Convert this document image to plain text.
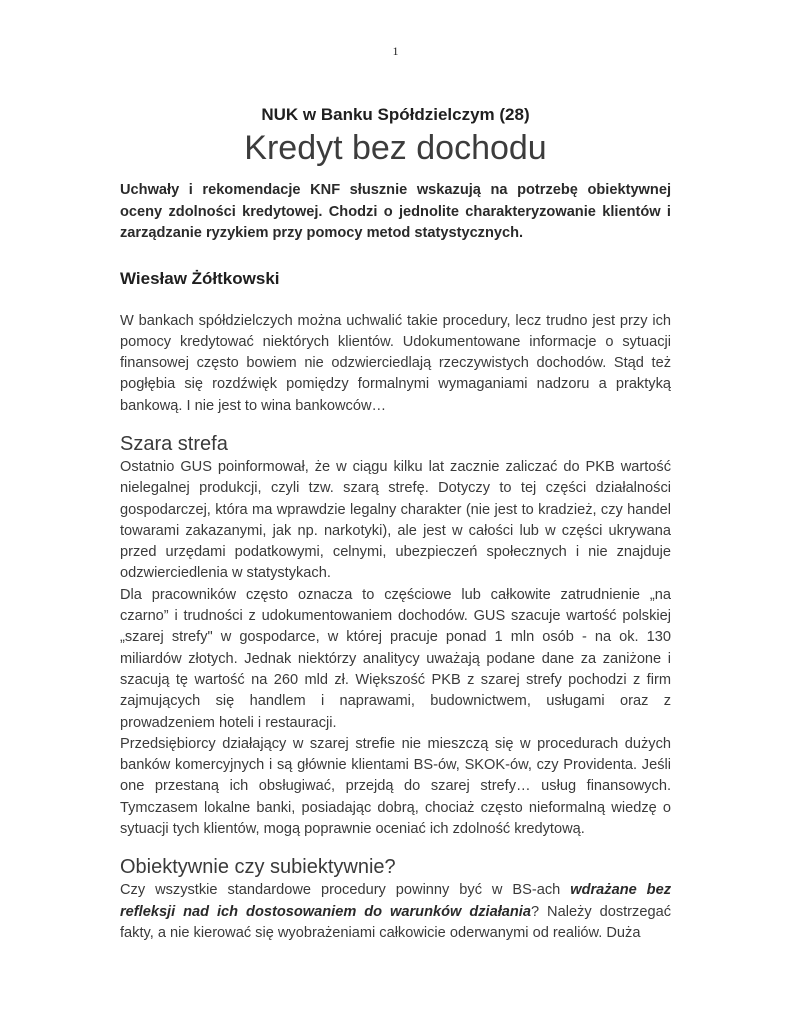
1
NUK w Banku Spółdzielczym (28)
Kredyt bez dochodu

Uchwały i rekomendacje KNF słusznie wskazują na potrzebę obiektywnej oceny zdolności kredytowej. Chodzi o jednolite charakteryzowanie klientów i zarządzanie ryzykiem przy pomocy metod statystycznych.

Wiesław Żółtkowski

W bankach spółdzielczych można uchwalić takie procedury, lecz trudno jest przy ich pomocy kredytować niektórych klientów. Udokumentowane informacje o sytuacji finansowej często bowiem nie odzwierciedlają rzeczywistych dochodów. Stąd też pogłębia się rozdźwięk pomiędzy formalnymi wymaganiami nadzoru a praktyką bankową. I nie jest to wina bankowców…

Szara strefa

Ostatnio GUS poinformował, że w ciągu kilku lat zacznie zaliczać do PKB wartość nielegalnej produkcji, czyli tzw. szarą strefę. Dotyczy to tej części działalności gospodarczej, która ma wprawdzie legalny charakter (nie jest to kradzież, czy handel towarami zakazanymi, jak np. narkotyki), ale jest w całości lub w części ukrywana przed urzędami podatkowymi, celnymi, ubezpieczeń społecznych i nie znajduje odzwierciedlenia w statystykach.

Dla pracowników często oznacza to częściowe lub całkowite zatrudnienie „na czarno” i trudności z udokumentowaniem dochodów. GUS szacuje wartość polskiej „szarej strefy" w gospodarce, w której pracuje ponad 1 mln osób - na ok. 130 miliardów złotych. Jednak niektórzy analitycy uważają podane dane za zaniżone i szacują tę wartość na 260 mld zł. Większość PKB z szarej strefy pochodzi z firm zajmujących się handlem i naprawami, budownictwem, usługami oraz z prowadzeniem hoteli i restauracji.

Przedsiębiorcy działający w szarej strefie nie mieszczą się w procedurach dużych banków komercyjnych i są głównie klientami BS-ów, SKOK-ów, czy Providenta. Jeśli one przestaną ich obsługiwać, przejdą do szarej strefy… usług finansowych. Tymczasem lokalne banki, posiadając dobrą, chociaż często nieformalną wiedzę o sytuacji tych klientów, mogą poprawnie oceniać ich zdolność kredytową.

Obiektywnie czy subiektywnie?

Czy wszystkie standardowe procedury powinny być w BS-ach wdrażane bez refleksji nad ich dostosowaniem do warunków działania? Należy dostrzegać fakty, a nie kierować się wyobrażeniami całkowicie oderwanymi od realiów. Duża
